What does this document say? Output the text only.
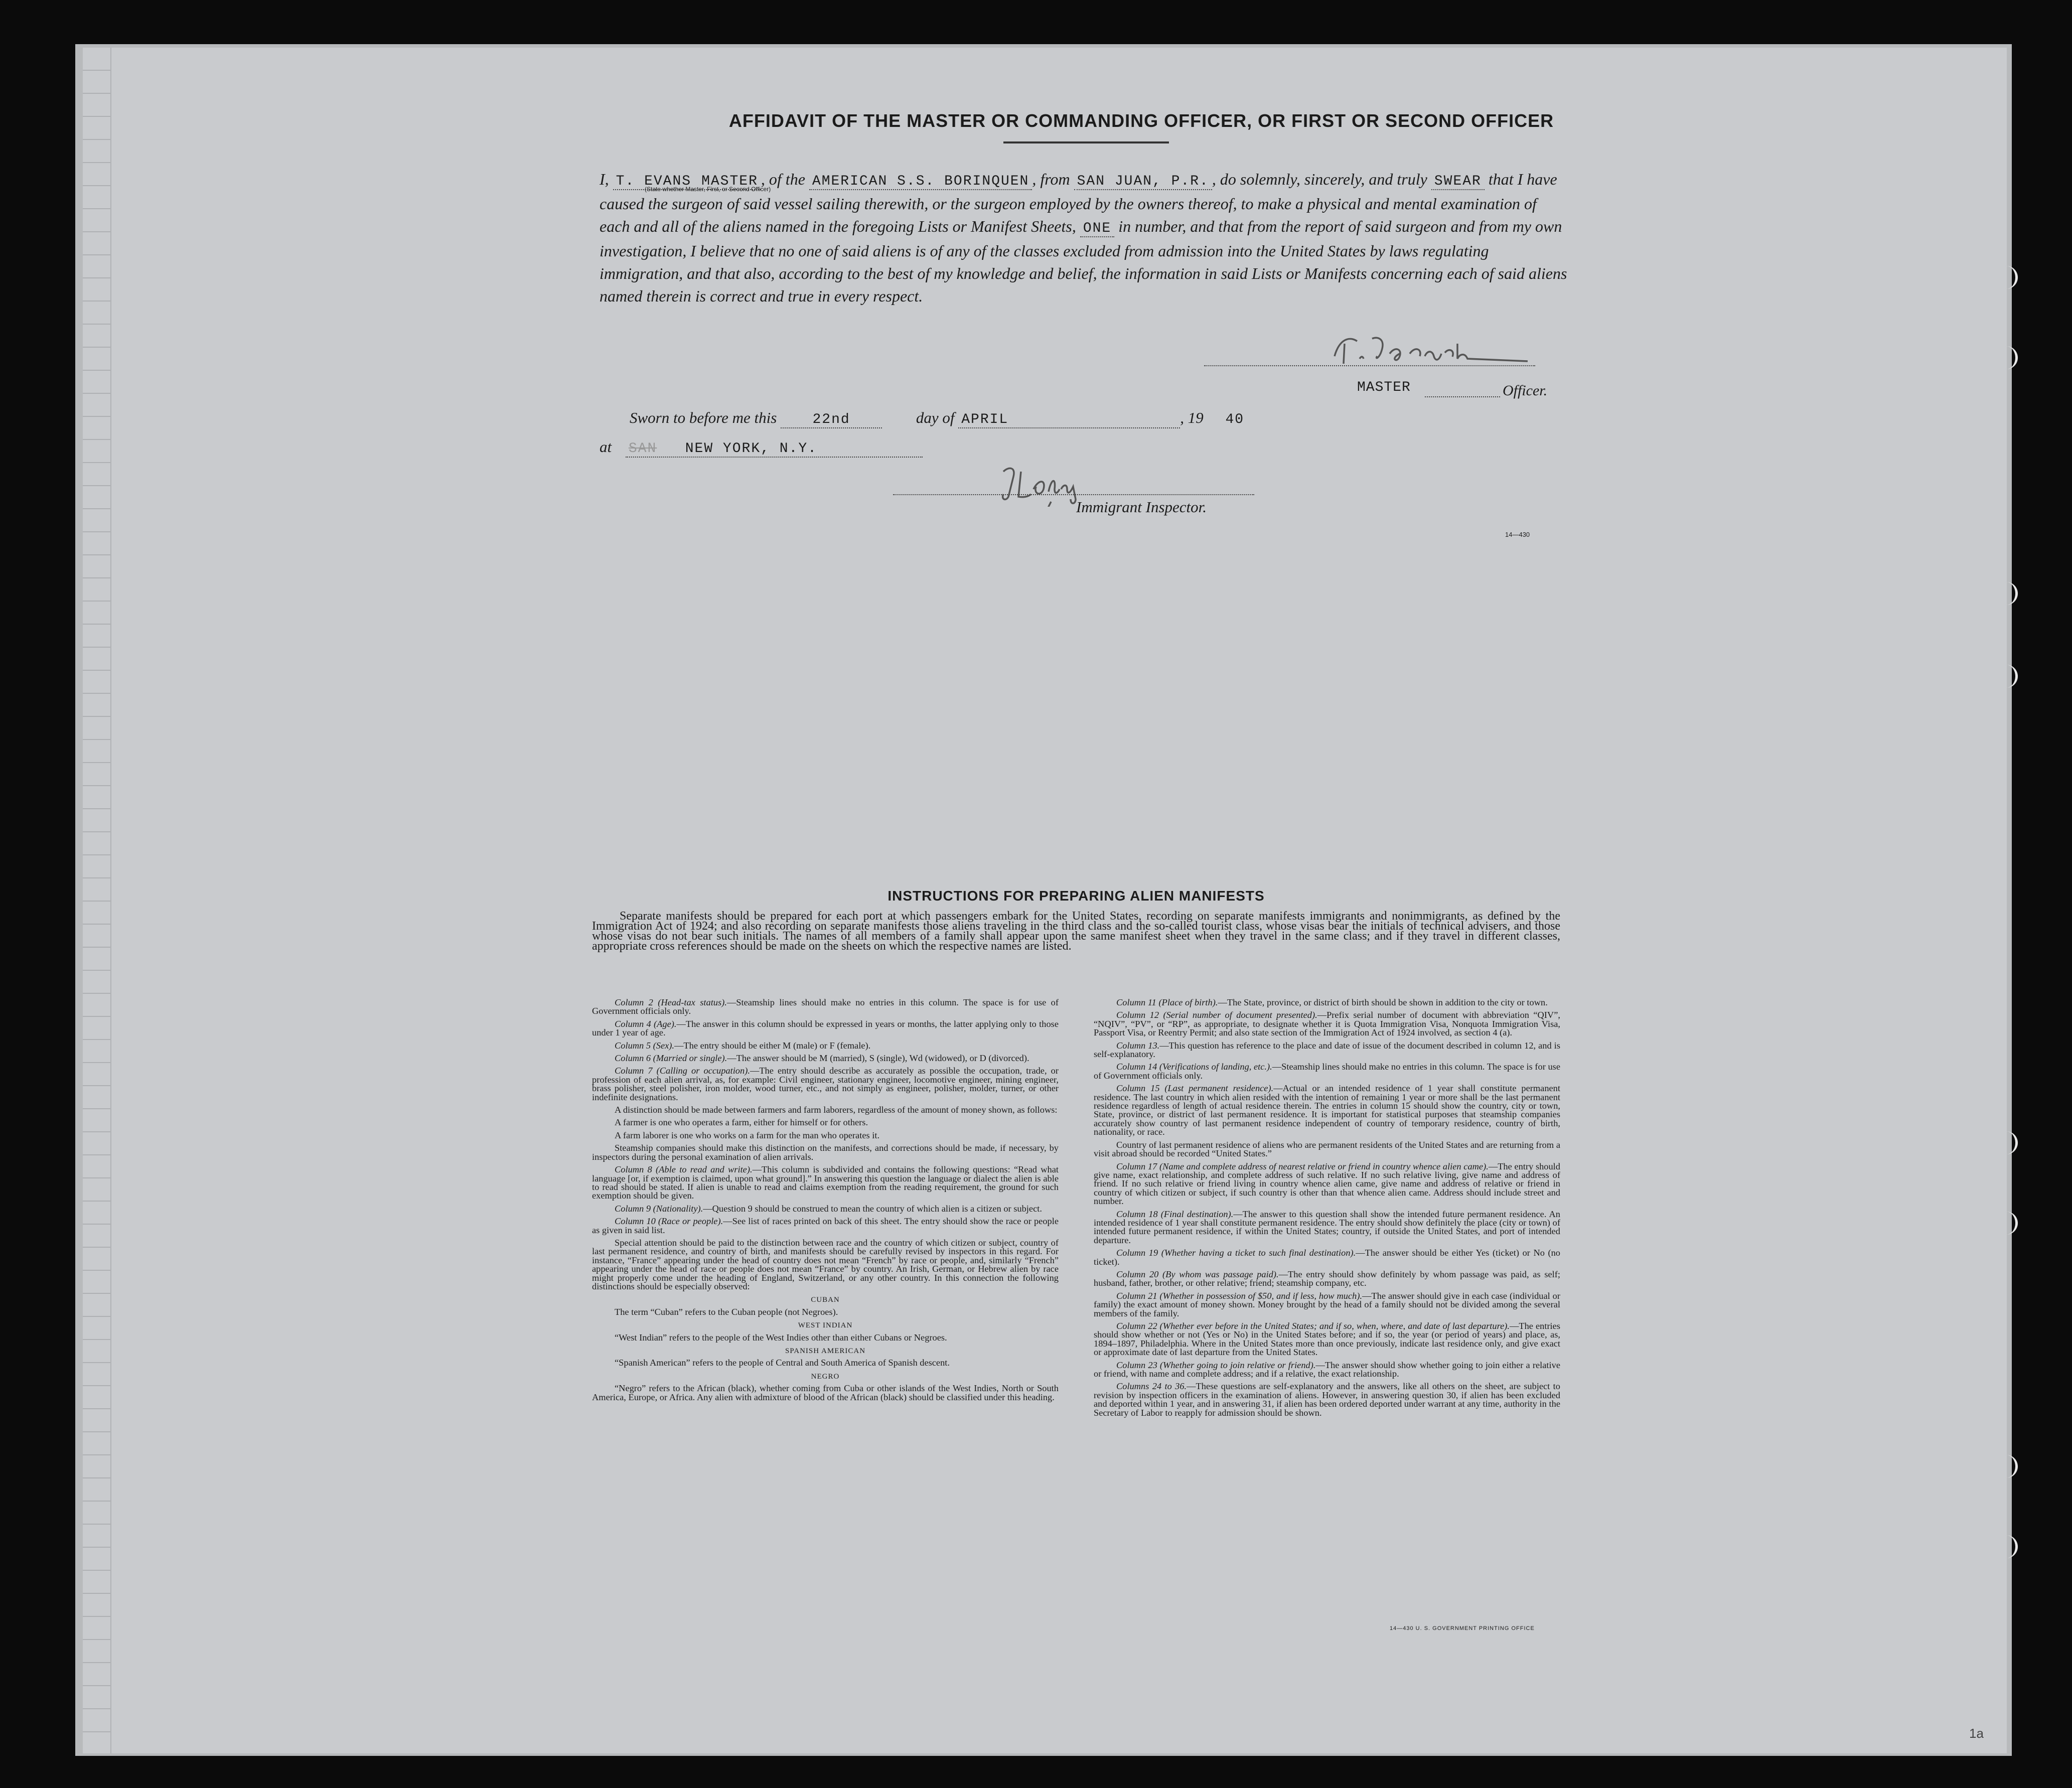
AFFIDAVIT OF THE MASTER OR COMMANDING OFFICER, OR FIRST OR SECOND OFFICER
I, T. EVANS MASTER , of the AMERICAN S.S. BORINQUEN , from SAN JUAN, P.R. , do solemnly, sincerely, and truly SWEAR that I have caused the surgeon of said vessel sailing therewith, or the surgeon employed by the owners thereof, to make a physical and mental examination of each and all of the aliens named in the foregoing Lists or Manifest Sheets, ONE in number, and that from the report of said surgeon and from my own investigation, I believe that no one of said aliens is of any of the classes excluded from admission into the United States by laws regulating immigration, and that also, according to the best of my knowledge and belief, the information in said Lists or Manifests concerning each of said aliens named therein is correct and true in every respect.
(State whether Master, First, or Second Officer)
MASTER	Officer.
Sworn to before me this	22nd	day of APRIL	, 19 40
at SAN NEW YORK, N.Y.
Immigrant Inspector.
14—430
INSTRUCTIONS FOR PREPARING ALIEN MANIFESTS
Separate manifests should be prepared for each port at which passengers embark for the United States, recording on separate manifests immigrants and nonimmigrants, as defined by the Immigration Act of 1924; and also recording on separate manifests those aliens traveling in the third class and the so-called tourist class, whose visas bear the initials of technical advisers, and those whose visas do not bear such initials. The names of all members of a family shall appear upon the same manifest sheet when they travel in the same class; and if they travel in different classes, appropriate cross references should be made on the sheets on which the respective names are listed.

Column 2 (Head-tax status).—Steamship lines should make no entries in this column. The space is for use of Government officials only.

Column 4 (Age).—The answer in this column should be expressed in years or months, the latter applying only to those under 1 year of age.

Column 5 (Sex).—The entry should be either M (male) or F (female).

Column 6 (Married or single).—The answer should be M (married), S (single), Wd (widowed), or D (divorced).

Column 7 (Calling or occupation).—The entry should describe as accurately as possible the occupation, trade, or profession of each alien arrival, as, for example: Civil engineer, stationary engineer, locomotive engineer, mining engineer, brass polisher, steel polisher, iron molder, wood turner, etc., and not simply as engineer, polisher, molder, turner, or other indefinite designations.

A distinction should be made between farmers and farm laborers, regardless of the amount of money shown, as follows:

A farmer is one who operates a farm, either for himself or for others.

A farm laborer is one who works on a farm for the man who operates it.

Steamship companies should make this distinction on the manifests, and corrections should be made, if necessary, by inspectors during the personal examination of alien arrivals.

Column 8 (Able to read and write).—This column is subdivided and contains the following questions: “Read what language [or, if exemption is claimed, upon what ground].” In answering this question the language or dialect the alien is able to read should be stated. If alien is unable to read and claims exemption from the reading requirement, the ground for such exemption should be given.

Column 9 (Nationality).—Question 9 should be construed to mean the country of which alien is a citizen or subject.

Column 10 (Race or people).—See list of races printed on back of this sheet. The entry should show the race or people as given in said list.

Special attention should be paid to the distinction between race and the country of which citizen or subject, country of last permanent residence, and country of birth, and manifests should be carefully revised by inspectors in this regard. For instance, “France” appearing under the head of country does not mean “French” by race or people, and, similarly “French” appearing under the head of race or people does not mean “France” by country. An Irish, German, or Hebrew alien by race might properly come under the heading of England, Switzerland, or any other country. In this connection the following distinctions should be especially observed:

CUBAN

The term “Cuban” refers to the Cuban people (not Negroes).

WEST INDIAN

“West Indian” refers to the people of the West Indies other than either Cubans or Negroes.

SPANISH AMERICAN

“Spanish American” refers to the people of Central and South America of Spanish descent.

NEGRO

“Negro” refers to the African (black), whether coming from Cuba or other islands of the West Indies, North or South America, Europe, or Africa. Any alien with admixture of blood of the African (black) should be classified under this heading.

Column 11 (Place of birth).—The State, province, or district of birth should be shown in addition to the city or town.

Column 12 (Serial number of document presented).—Prefix serial number of document with abbreviation “QIV”, “NQIV”, “PV”, or “RP”, as appropriate, to designate whether it is Quota Immigration Visa, Nonquota Immigration Visa, Passport Visa, or Reentry Permit; and also state section of the Immigration Act of 1924 involved, as section 4 (a).

Column 13.—This question has reference to the place and date of issue of the document described in column 12, and is self-explanatory.

Column 14 (Verifications of landing, etc.).—Steamship lines should make no entries in this column. The space is for use of Government officials only.

Column 15 (Last permanent residence).—Actual or an intended residence of 1 year shall constitute permanent residence. The last country in which alien resided with the intention of remaining 1 year or more shall be the last permanent residence regardless of length of actual residence therein. The entries in column 15 should show the country, city or town, State, province, or district of last permanent residence. It is important for statistical purposes that steamship companies accurately show country of last permanent residence independent of country of temporary residence, country of birth, nationality, or race.

Country of last permanent residence of aliens who are permanent residents of the United States and are returning from a visit abroad should be recorded “United States.”

Column 17 (Name and complete address of nearest relative or friend in country whence alien came).—The entry should give name, exact relationship, and complete address of such relative. If no such relative living, give name and address of friend. If no such relative or friend living in country whence alien came, give name and address of relative or friend in country of which citizen or subject, if such country is other than that whence alien came. Address should include street and number.

Column 18 (Final destination).—The answer to this question shall show the intended future permanent residence. An intended residence of 1 year shall constitute permanent residence. The entry should show definitely the place (city or town) of intended future permanent residence, if within the United States; country, if outside the United States, and port of intended departure.

Column 19 (Whether having a ticket to such final destination).—The answer should be either Yes (ticket) or No (no ticket).

Column 20 (By whom was passage paid).—The entry should show definitely by whom passage was paid, as self; husband, father, brother, or other relative; friend; steamship company, etc.

Column 21 (Whether in possession of $50, and if less, how much).—The answer should give in each case (individual or family) the exact amount of money shown. Money brought by the head of a family should not be divided among the several members of the family.

Column 22 (Whether ever before in the United States; and if so, when, where, and date of last departure).—The entries should show whether or not (Yes or No) in the United States before; and if so, the year (or period of years) and place, as, 1894–1897, Philadelphia. Where in the United States more than once previously, indicate last residence only, and give exact or approximate date of last departure from the United States.

Column 23 (Whether going to join relative or friend).—The answer should show whether going to join either a relative or friend, with name and complete address; and if a relative, the exact relationship.

Columns 24 to 36.—These questions are self-explanatory and the answers, like all others on the sheet, are subject to revision by inspection officers in the examination of aliens. However, in answering question 30, if alien has been excluded and deported within 1 year, and in answering 31, if alien has been ordered deported under warrant at any time, authority in the Secretary of Labor to reapply for admission should be shown.

14—430 U. S. GOVERNMENT PRINTING OFFICE
1a
